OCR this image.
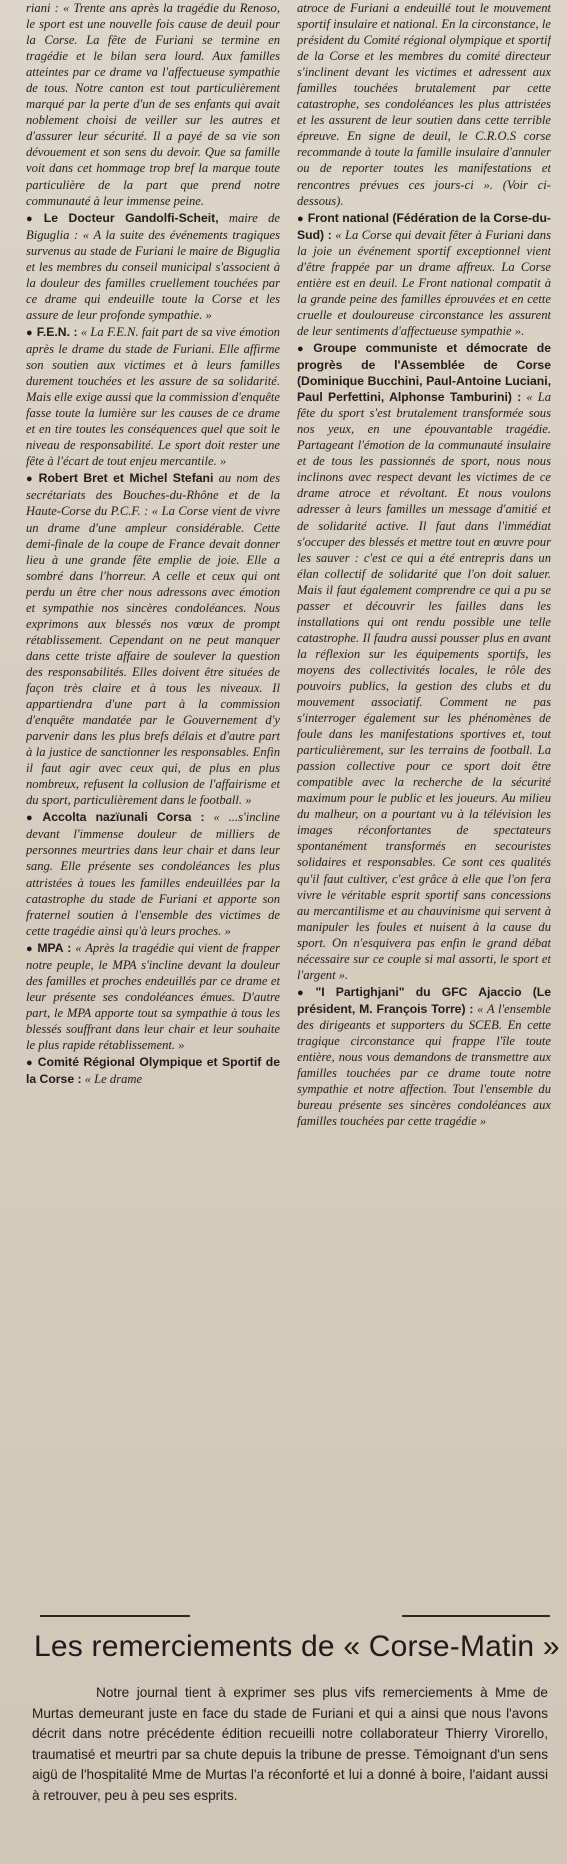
riani : « Trente ans après la tragédie du Renoso, le sport est une nouvelle fois cause de deuil pour la Corse. La fête de Furiani se termine en tragédie et le bilan sera lourd. Aux familles atteintes par ce drame va l'affectueuse sympathie de tous. Notre canton est tout particulièrement marqué par la perte d'un de ses enfants qui avait noblement choisi de veiller sur les autres et d'assurer leur sécurité. Il a payé de sa vie son dévouement et son sens du devoir. Que sa famille voit dans cet hommage trop bref la marque toute particulière de la part que prend notre communauté à leur immense peine.

● Le Docteur Gandolfi-Scheit, maire de Biguglia : « A la suite des événements tragiques survenus au stade de Furiani le maire de Biguglia et les membres du conseil municipal s'associent à la douleur des familles cruellement touchées par ce drame qui endeuille toute la Corse et les assure de leur profonde sympathie. »

● F.E.N. : « La F.E.N. fait part de sa vive émotion après le drame du stade de Furiani. Elle affirme son soutien aux victimes et à leurs familles durement touchées et les assure de sa solidarité. Mais elle exige aussi que la commission d'enquête fasse toute la lumière sur les causes de ce drame et en tire toutes les conséquences quel que soit le niveau de responsabilité. Le sport doit rester une fête à l'écart de tout enjeu mercantile. »

● Robert Bret et Michel Stefani au nom des secrétariats des Bouches-du-Rhône et de la Haute-Corse du P.C.F. : « La Corse vient de vivre un drame d'une ampleur considérable. Cette demi-finale de la coupe de France devait donner lieu à une grande fête emplie de joie. Elle a sombré dans l'horreur. A celle et ceux qui ont perdu un être cher nous adressons avec émotion et sympathie nos sincères condoléances. Nous exprimons aux blessés nos vœux de prompt rétablissement. Cependant on ne peut manquer dans cette triste affaire de soulever la question des responsabilités. Elles doivent être situées de façon très claire et à tous les niveaux. Il appartiendra d'une part à la commission d'enquête mandatée par le Gouvernement d'y parvenir dans les plus brefs délais et d'autre part à la justice de sanctionner les responsables. Enfin il faut agir avec ceux qui, de plus en plus nombreux, refusent la collusion de l'affairisme et du sport, particulièrement dans le football. »

● Accolta nazïunali Corsa : « ...s'incline devant l'immense douleur de milliers de personnes meurtries dans leur chair et dans leur sang. Elle présente ses condoléances les plus attristées à toues les familles endeuillées par la catastrophe du stade de Furiani et apporte son fraternel soutien à l'ensemble des victimes de cette tragédie ainsi qu'à leurs proches. »

● MPA : « Après la tragédie qui vient de frapper notre peuple, le MPA s'incline devant la douleur des familles et proches endeuillés par ce drame et leur présente ses condoléances émues. D'autre part, le MPA apporte tout sa sympathie à tous les blessés souffrant dans leur chair et leur souhaite le plus rapide rétablissement. »

● Comité Régional Olympique et Sportif de la Corse : « Le drame

atroce de Furiani a endeuillé tout le mouvement sportif insulaire et national. En la circonstance, le président du Comité régional olympique et sportif de la Corse et les membres du comité directeur s'inclinent devant les victimes et adressent aux familles touchées brutalement par cette catastrophe, ses condoléances les plus attristées et les assurent de leur soutien dans cette terrible épreuve. En signe de deuil, le C.R.O.S corse recommande à toute la famille insulaire d'annuler ou de reporter toutes les manifestations et rencontres prévues ces jours-ci ». (Voir ci-dessous).

● Front national (Fédération de la Corse-du-Sud) : « La Corse qui devait fêter à Furiani dans la joie un événement sportif exceptionnel vient d'être frappée par un drame affreux. La Corse entière est en deuil. Le Front national compatit à la grande peine des familles éprouvées et en cette cruelle et douloureuse circonstance les assurent de leur sentiments d'affectueuse sympathie ».

● Groupe communiste et démocrate de progrès de l'Assemblée de Corse (Dominique Bucchini, Paul-Antoine Luciani, Paul Perfettini, Alphonse Tamburini) : « La fête du sport s'est brutalement transformée sous nos yeux, en une épouvantable tragédie. Partageant l'émotion de la communauté insulaire et de tous les passionnés de sport, nous nous inclinons avec respect devant les victimes de ce drame atroce et révoltant. Et nous voulons adresser à leurs familles un message d'amitié et de solidarité active. Il faut dans l'immédiat s'occuper des blessés et mettre tout en œuvre pour les sauver : c'est ce qui a été entrepris dans un élan collectif de solidarité que l'on doit saluer. Mais il faut également comprendre ce qui a pu se passer et découvrir les failles dans les installations qui ont rendu possible une telle catastrophe. Il faudra aussi pousser plus en avant la réflexion sur les équipements sportifs, les moyens des collectivités locales, le rôle des pouvoirs publics, la gestion des clubs et du mouvement associatif. Comment ne pas s'interroger également sur les phénomènes de foule dans les manifestations sportives et, tout particulièrement, sur les terrains de football. La passion collective pour ce sport doit être compatible avec la recherche de la sécurité maximum pour le public et les joueurs. Au milieu du malheur, on a pourtant vu à la télévision les images réconfortantes de spectateurs spontanément transformés en secouristes solidaires et responsables. Ce sont ces qualités qu'il faut cultiver, c'est grâce à elle que l'on fera vivre le véritable esprit sportif sans concessions au mercantilisme et au chauvinisme qui servent à manipuler les foules et nuisent à la cause du sport. On n'esquivera pas enfin le grand débat nécessaire sur ce couple si mal assorti, le sport et l'argent ».

● "I Partighjani" du GFC Ajaccio (Le président, M. François Torre) : « A l'ensemble des dirigeants et supporters du SCEB. En cette tragique circonstance qui frappe l'île toute entière, nous vous demandons de transmettre aux familles touchées par ce drame toute notre sympathie et notre affection. Tout l'ensemble du bureau présente ses sincères condoléances aux familles touchées par cette tragédie »

Les remerciements de « Corse-Matin »

Notre journal tient à exprimer ses plus vifs remerciements à Mme de Murtas demeurant juste en face du stade de Furiani et qui a ainsi que nous l'avons décrit dans notre précédente édition recueilli notre collaborateur Thierry Virorello, traumatisé et meurtri par sa chute depuis la tribune de presse. Témoignant d'un sens aigü de l'hospitalité Mme de Murtas l'a réconforté et lui a donné à boire, l'aidant aussi à retrouver, peu à peu ses esprits.
